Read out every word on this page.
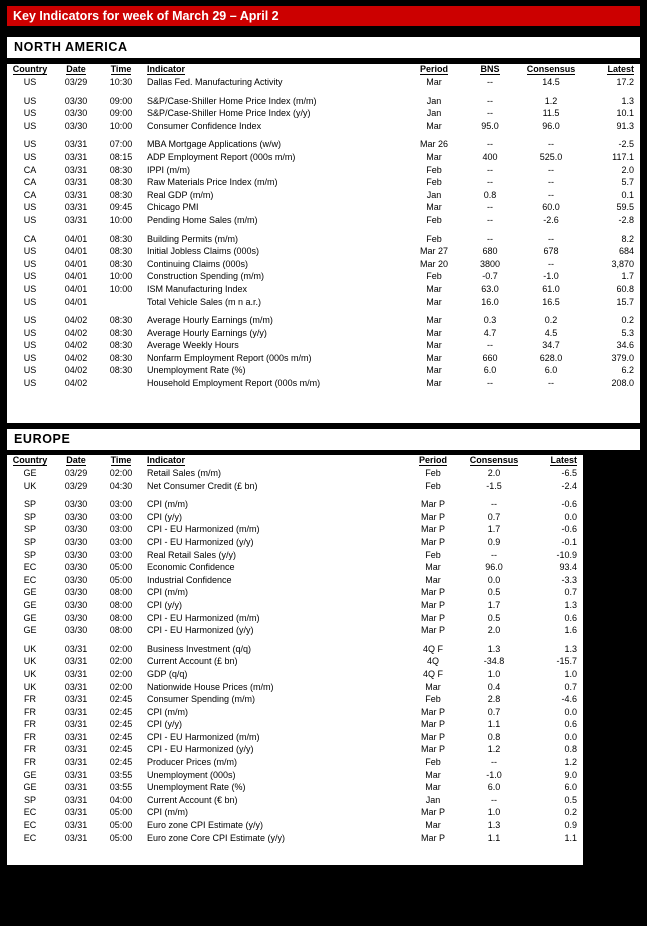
Key Indicators for week of March 29 – April 2
NORTH AMERICA
Country	Date	Time	Indicator	Period	BNS	Consensus	Latest
US	03/29	10:30	Dallas Fed. Manufacturing Activity	Mar	--	14.5	17.2

US	03/30	09:00	S&P/Case-Shiller Home Price Index (m/m)	Jan	--	1.2	1.3
US	03/30	09:00	S&P/Case-Shiller Home Price Index (y/y)	Jan	--	11.5	10.1
US	03/30	10:00	Consumer Confidence Index	Mar	95.0	96.0	91.3

US	03/31	07:00	MBA Mortgage Applications (w/w)	Mar 26	--	--	-2.5
US	03/31	08:15	ADP Employment Report (000s m/m)	Mar	400	525.0	117.1
CA	03/31	08:30	IPPI (m/m)	Feb	--	--	2.0
CA	03/31	08:30	Raw Materials Price Index (m/m)	Feb	--	--	5.7
CA	03/31	08:30	Real GDP (m/m)	Jan	0.8	--	0.1
US	03/31	09:45	Chicago PMI	Mar	--	60.0	59.5
US	03/31	10:00	Pending Home Sales (m/m)	Feb	--	-2.6	-2.8

CA	04/01	08:30	Building Permits (m/m)	Feb	--	--	8.2
US	04/01	08:30	Initial Jobless Claims (000s)	Mar 27	680	678	684
US	04/01	08:30	Continuing Claims (000s)	Mar 20	3800	--	3,870
US	04/01	10:00	Construction Spending (m/m)	Feb	-0.7	-1.0	1.7
US	04/01	10:00	ISM Manufacturing Index	Mar	63.0	61.0	60.8
US	04/01		Total Vehicle Sales (m n a.r.)	Mar	16.0	16.5	15.7

US	04/02	08:30	Average Hourly Earnings (m/m)	Mar	0.3	0.2	0.2
US	04/02	08:30	Average Hourly Earnings (y/y)	Mar	4.7	4.5	5.3
US	04/02	08:30	Average Weekly Hours	Mar	--	34.7	34.6
US	04/02	08:30	Nonfarm Employment Report (000s m/m)	Mar	660	628.0	379.0
US	04/02	08:30	Unemployment Rate (%)	Mar	6.0	6.0	6.2
US	04/02		Household Employment Report (000s m/m)	Mar	--	--	208.0
EUROPE
Country	Date	Time	Indicator	Period	Consensus	Latest
GE	03/29	02:00	Retail Sales (m/m)	Feb	2.0	-6.5
UK	03/29	04:30	Net Consumer Credit (£ bn)	Feb	-1.5	-2.4

SP	03/30	03:00	CPI (m/m)	Mar P	--	-0.6
SP	03/30	03:00	CPI (y/y)	Mar P	0.7	0.0
SP	03/30	03:00	CPI - EU Harmonized (m/m)	Mar P	1.7	-0.6
SP	03/30	03:00	CPI - EU Harmonized (y/y)	Mar P	0.9	-0.1
SP	03/30	03:00	Real Retail Sales (y/y)	Feb	--	-10.9
EC	03/30	05:00	Economic Confidence	Mar	96.0	93.4
EC	03/30	05:00	Industrial Confidence	Mar	0.0	-3.3
GE	03/30	08:00	CPI (m/m)	Mar P	0.5	0.7
GE	03/30	08:00	CPI (y/y)	Mar P	1.7	1.3
GE	03/30	08:00	CPI - EU Harmonized (m/m)	Mar P	0.5	0.6
GE	03/30	08:00	CPI - EU Harmonized (y/y)	Mar P	2.0	1.6

UK	03/31	02:00	Business Investment (q/q)	4Q F	1.3	1.3
UK	03/31	02:00	Current Account (£ bn)	4Q	-34.8	-15.7
UK	03/31	02:00	GDP (q/q)	4Q F	1.0	1.0
UK	03/31	02:00	Nationwide House Prices (m/m)	Mar	0.4	0.7
FR	03/31	02:45	Consumer Spending (m/m)	Feb	2.8	-4.6
FR	03/31	02:45	CPI (m/m)	Mar P	0.7	0.0
FR	03/31	02:45	CPI (y/y)	Mar P	1.1	0.6
FR	03/31	02:45	CPI - EU Harmonized (m/m)	Mar P	0.8	0.0
FR	03/31	02:45	CPI - EU Harmonized (y/y)	Mar P	1.2	0.8
FR	03/31	02:45	Producer Prices (m/m)	Feb	--	1.2
GE	03/31	03:55	Unemployment (000s)	Mar	-1.0	9.0
GE	03/31	03:55	Unemployment Rate (%)	Mar	6.0	6.0
SP	03/31	04:00	Current Account (€ bn)	Jan	--	0.5
EC	03/31	05:00	CPI (m/m)	Mar P	1.0	0.2
EC	03/31	05:00	Euro zone CPI Estimate (y/y)	Mar	1.3	0.9
EC	03/31	05:00	Euro zone Core CPI Estimate (y/y)	Mar P	1.1	1.1
